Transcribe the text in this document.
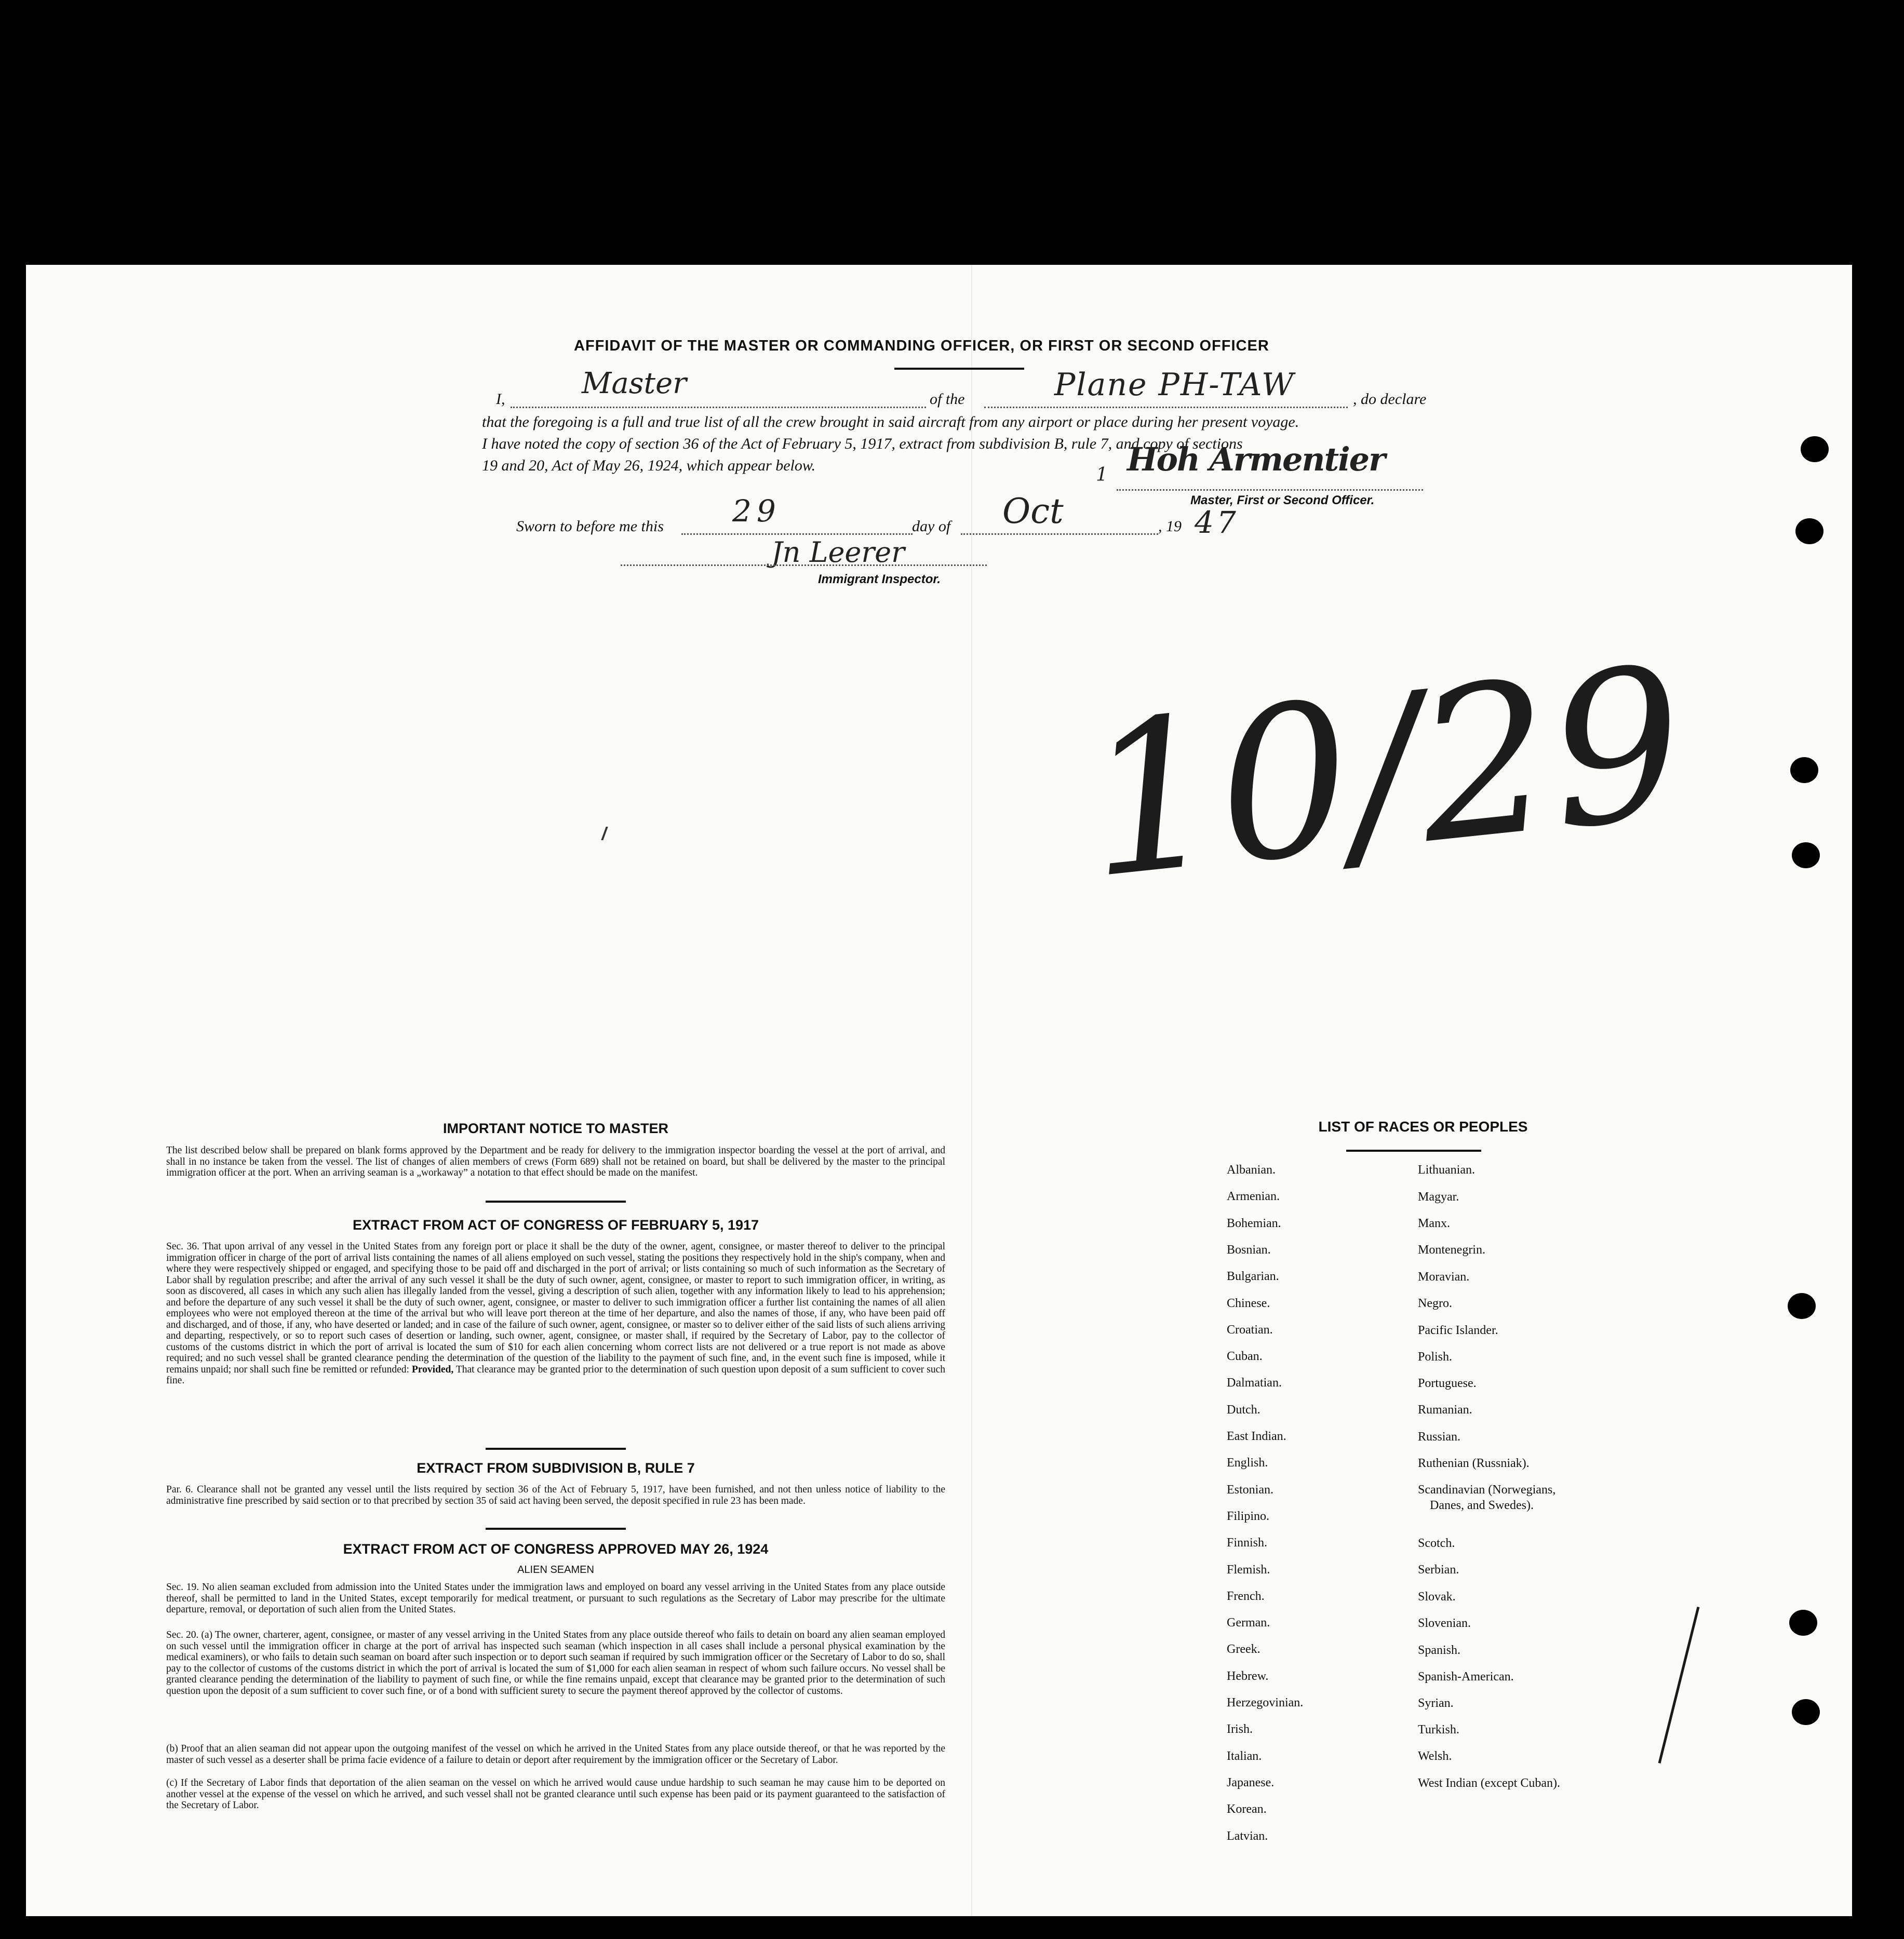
AFFIDAVIT OF THE MASTER OR COMMANDING OFFICER, OR FIRST OR SECOND OFFICER
I,	Master	of the	Plane PH-TAW	, do declare
that the foregoing is a full and true list of all the crew brought in said aircraft from any airport or place during her present voyage.
I have noted the copy of section 36 of the Act of February 5, 1917, extract from subdivision B, rule 7, and copy of sections
19 and 20, Act of May 26, 1924, which appear below.	1 Hoh Armentier
Master, First or Second Officer.
Sworn to before me this 29	day of Oct	, 19 47
Jn Leerer
Immigrant Inspector.
10/29
IMPORTANT NOTICE TO MASTER
The list described below shall be prepared on blank forms approved by the Department and be ready for delivery to the immigration inspector boarding the vessel at the port of arrival, and shall in no instance be taken from the vessel. The list of changes of alien members of crews (Form 689) shall not be retained on board, but shall be delivered by the master to the principal immigration officer at the port. When an arriving seaman is a „workaway” a notation to that effect should be made on the manifest.
EXTRACT FROM ACT OF CONGRESS OF FEBRUARY 5, 1917
Sec. 36. That upon arrival of any vessel in the United States from any foreign port or place it shall be the duty of the owner, agent, consignee, or master thereof to deliver to the principal immigration officer in charge of the port of arrival lists containing the names of all aliens employed on such vessel, stating the positions they respectively hold in the ship's company, when and where they were respectively shipped or engaged, and specifying those to be paid off and discharged in the port of arrival; or lists containing so much of such information as the Secretary of Labor shall by regulation prescribe; and after the arrival of any such vessel it shall be the duty of such owner, agent, consignee, or master to report to such immigration officer, in writing, as soon as discovered, all cases in which any such alien has illegally landed from the vessel, giving a description of such alien, together with any information likely to lead to his apprehension; and before the departure of any such vessel it shall be the duty of such owner, agent, consignee, or master to deliver to such immigration officer a further list containing the names of all alien employees who were not employed thereon at the time of the arrival but who will leave port thereon at the time of her departure, and also the names of those, if any, who have been paid off and discharged, and of those, if any, who have deserted or landed; and in case of the failure of such owner, agent, consignee, or master so to deliver either of the said lists of such aliens arriving and departing, respectively, or so to report such cases of desertion or landing, such owner, agent, consignee, or master shall, if required by the Secretary of Labor, pay to the collector of customs of the customs district in which the port of arrival is located the sum of $10 for each alien concerning whom correct lists are not delivered or a true report is not made as above required; and no such vessel shall be granted clearance pending the determination of the question of the liability to the payment of such fine, and, in the event such fine is imposed, while it remains unpaid; nor shall such fine be remitted or refunded: Provided, That clearance may be granted prior to the determination of such question upon deposit of a sum sufficient to cover such fine.
EXTRACT FROM SUBDIVISION B, RULE 7
Par. 6. Clearance shall not be granted any vessel until the lists required by section 36 of the Act of February 5, 1917, have been furnished, and not then unless notice of liability to the administrative fine prescribed by said section or to that precribed by section 35 of said act having been served, the deposit specified in rule 23 has been made.
EXTRACT FROM ACT OF CONGRESS APPROVED MAY 26, 1924
ALIEN SEAMEN
Sec. 19. No alien seaman excluded from admission into the United States under the immigration laws and employed on board any vessel arriving in the United States from any place outside thereof, shall be permitted to land in the United States, except temporarily for medical treatment, or pursuant to such regulations as the Secretary of Labor may prescribe for the ultimate departure, removal, or deportation of such alien from the United States.
Sec. 20. (a) The owner, charterer, agent, consignee, or master of any vessel arriving in the United States from any place outside thereof who fails to detain on board any alien seaman employed on such vessel until the immigration officer in charge at the port of arrival has inspected such seaman (which inspection in all cases shall include a personal physical examination by the medical examiners), or who fails to detain such seaman on board after such inspection or to deport such seaman if required by such immigration officer or the Secretary of Labor to do so, shall pay to the collector of customs of the customs district in which the port of arrival is located the sum of $1,000 for each alien seaman in respect of whom such failure occurs. No vessel shall be granted clearance pending the determination of the liability to payment of such fine, or while the fine remains unpaid, except that clearance may be granted prior to the determination of such question upon the deposit of a sum sufficient to cover such fine, or of a bond with sufficient surety to secure the payment thereof approved by the collector of customs.
(b) Proof that an alien seaman did not appear upon the outgoing manifest of the vessel on which he arrived in the United States from any place outside thereof, or that he was reported by the master of such vessel as a deserter shall be prima facie evidence of a failure to detain or deport after requirement by the immigration officer or the Secretary of Labor.
(c) If the Secretary of Labor finds that deportation of the alien seaman on the vessel on which he arrived would cause undue hardship to such seaman he may cause him to be deported on another vessel at the expense of the vessel on which he arrived, and such vessel shall not be granted clearance until such expense has been paid or its payment guaranteed to the satisfaction of the Secretary of Labor.
LIST OF RACES OR PEOPLES
Albanian.
Armenian.
Bohemian.
Bosnian.
Bulgarian.
Chinese.
Croatian.
Cuban.
Dalmatian.
Dutch.
East Indian.
English.
Estonian.
Filipino.
Finnish.
Flemish.
French.
German.
Greek.
Hebrew.
Herzegovinian.
Irish.
Italian.
Japanese.
Korean.
Latvian.
Lithuanian.
Magyar.
Manx.
Montenegrin.
Moravian.
Negro.
Pacific Islander.
Polish.
Portuguese.
Rumanian.
Russian.
Ruthenian (Russniak).
Scandinavian (Norwegians,
Danes, and Swedes).
Scotch.
Serbian.
Slovak.
Slovenian.
Spanish.
Spanish-American.
Syrian.
Turkish.
Welsh.
West Indian (except Cuban).
